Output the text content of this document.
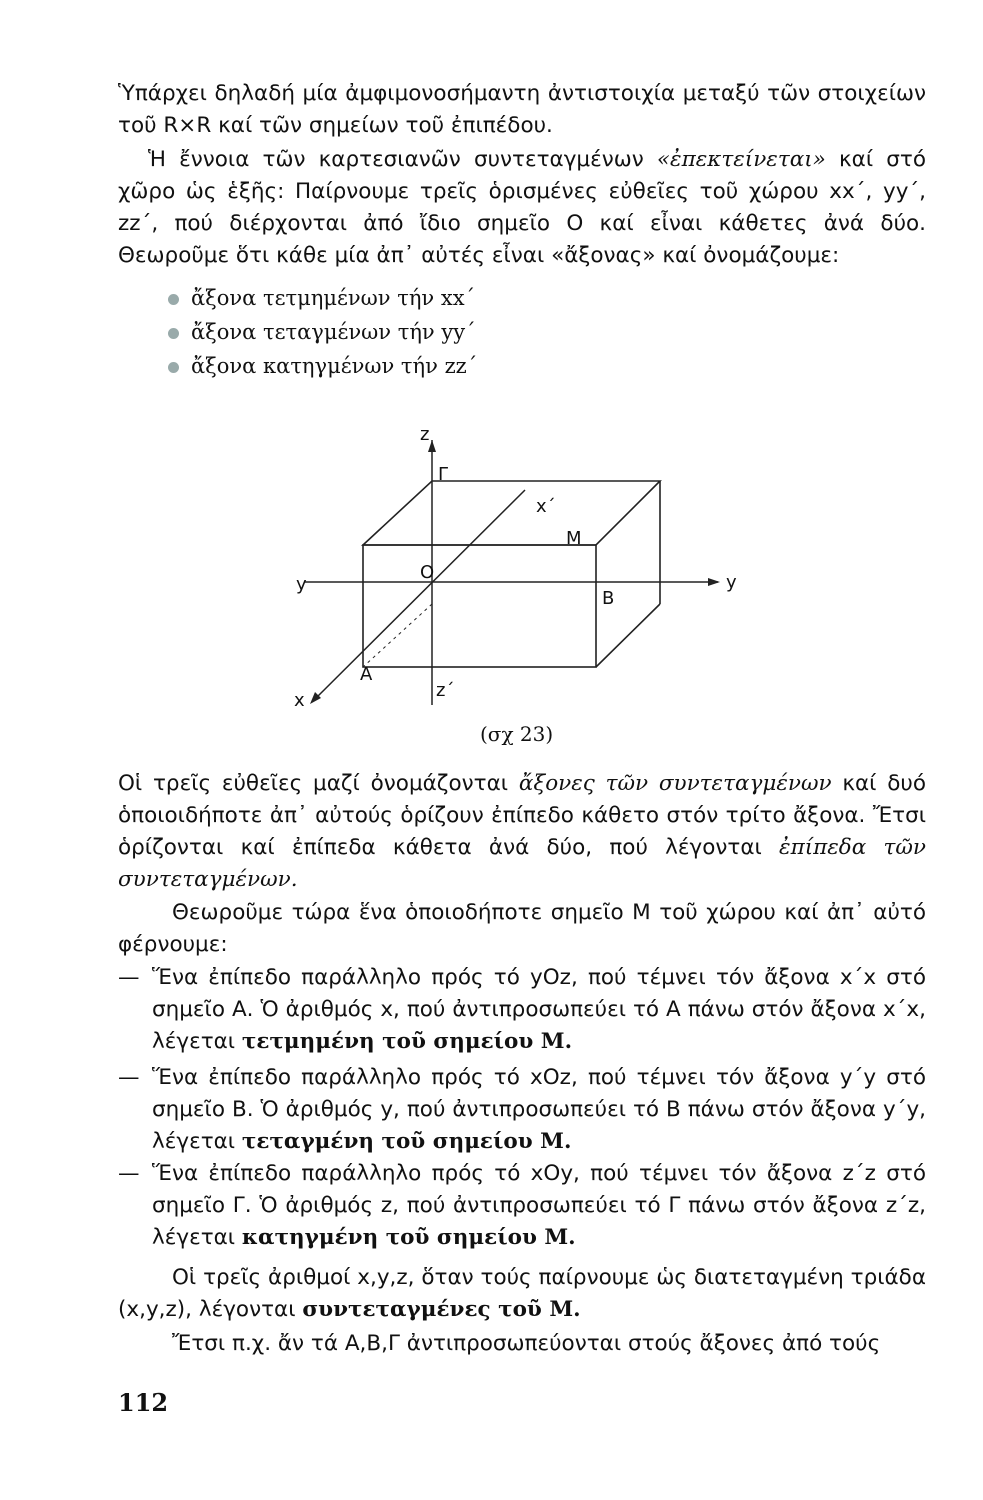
Ὑπάρχει δηλαδή μία ἀμφιμονοσήμαντη ἀντιστοιχία μεταξύ τῶν στοιχείων τοῦ R×R καί τῶν σημείων τοῦ ἐπιπέδου.
Ἡ ἔννοια τῶν καρτεσιανῶν συντεταγμένων «ἐπεκτείνεται» καί στό χῶρο ὡς ἑξῆς: Παίρνουμε τρεῖς ὁρισμένες εὐθεῖες τοῦ χώρου xx΄, yy΄, zz΄, πού διέρχονται ἀπό ἴδιο σημεῖο O καί εἶναι κάθετες ἀνά δύο. Θεωροῦμε ὅτι κάθε μία ἀπ᾽ αὐτές εἶναι «ἄξονας» καί ὀνομάζουμε:
ἄξονα τετμημένων τήν xx΄
ἄξονα τεταγμένων τήν yy΄
ἄξονα κατηγμένων τήν zz΄
z
z΄
y	y
x
x΄
O
A
B
Γ
M
(σχ 23)
Οἱ τρεῖς εὐθεῖες μαζί ὀνομάζονται ἄξονες τῶν συντεταγμένων καί δυό ὁποιοιδήποτε ἀπ᾽ αὐτούς ὁρίζουν ἐπίπεδο κάθετο στόν τρίτο ἄξονα. Ἔτσι ὁρίζονται καί ἐπίπεδα κάθετα ἀνά δύο, πού λέγονται ἐπίπεδα τῶν συντεταγμένων.
Θεωροῦμε τώρα ἕνα ὁποιοδήποτε σημεῖο Μ τοῦ χώρου καί ἀπ᾽ αὐτό φέρνουμε:
— Ἕνα ἐπίπεδο παράλληλο πρός τό yOz, πού τέμνει τόν ἄξονα x΄x στό σημεῖο Α. Ὁ ἀριθμός x, πού ἀντιπροσωπεύει τό Α πάνω στόν ἄξονα x΄x, λέγεται τετμημένη τοῦ σημείου Μ.
— Ἕνα ἐπίπεδο παράλληλο πρός τό xOz, πού τέμνει τόν ἄξονα y΄y στό σημεῖο Β. Ὁ ἀριθμός y, πού ἀντιπροσωπεύει τό Β πάνω στόν ἄξονα y΄y, λέγεται τεταγμένη τοῦ σημείου Μ.
— Ἕνα ἐπίπεδο παράλληλο πρός τό xOy, πού τέμνει τόν ἄξονα z΄z στό σημεῖο Γ. Ὁ ἀριθμός z, πού ἀντιπροσωπεύει τό Γ πάνω στόν ἄξονα z΄z, λέγεται κατηγμένη τοῦ σημείου Μ.
Οἱ τρεῖς ἀριθμοί x,y,z, ὅταν τούς παίρνουμε ὡς διατεταγμένη τριάδα (x,y,z), λέγονται συντεταγμένες τοῦ Μ.
Ἔτσι π.χ. ἄν τά Α,Β,Γ ἀντιπροσωπεύονται στούς ἄξονες ἀπό τούς
112
